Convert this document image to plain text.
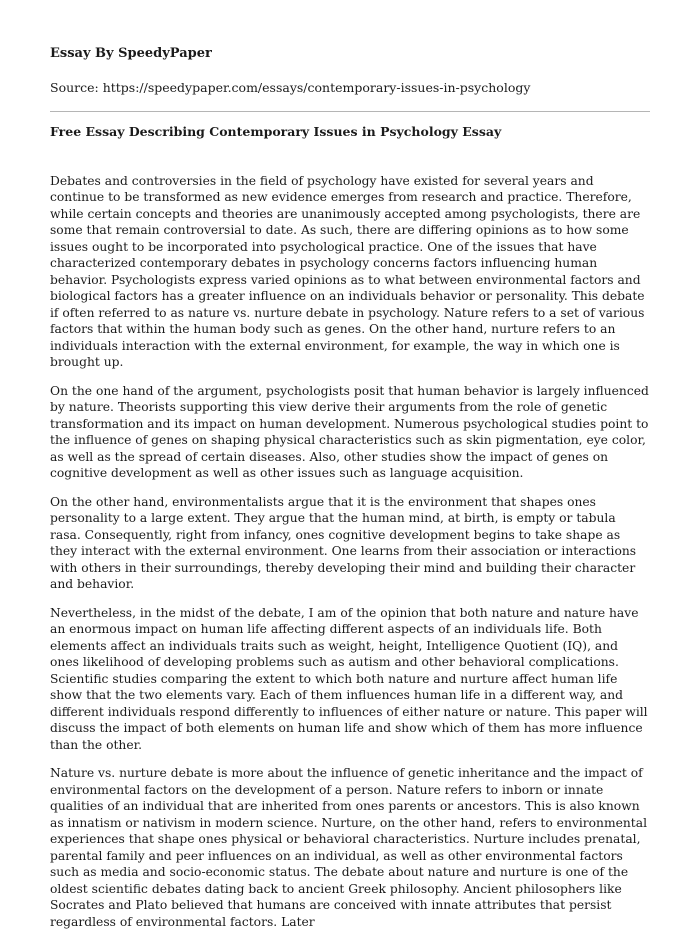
Essay By SpeedyPaper
Source: https://speedypaper.com/essays/contemporary-issues-in-psychology
Free Essay Describing Contemporary Issues in Psychology Essay

Debates and controversies in the field of psychology have existed for several years and continue to be transformed as new evidence emerges from research and practice. Therefore, while certain concepts and theories are unanimously accepted among psychologists, there are some that remain controversial to date. As such, there are differing opinions as to how some issues ought to be incorporated into psychological practice. One of the issues that have characterized contemporary debates in psychology concerns factors influencing human behavior. Psychologists express varied opinions as to what between environmental factors and biological factors has a greater influence on an individuals behavior or personality. This debate if often referred to as nature vs. nurture debate in psychology. Nature refers to a set of various factors that within the human body such as genes. On the other hand, nurture refers to an individuals interaction with the external environment, for example, the way in which one is brought up.

On the one hand of the argument, psychologists posit that human behavior is largely influenced by nature. Theorists supporting this view derive their arguments from the role of genetic transformation and its impact on human development. Numerous psychological studies point to the influence of genes on shaping physical characteristics such as skin pigmentation, eye color, as well as the spread of certain diseases. Also, other studies show the impact of genes on cognitive development as well as other issues such as language acquisition.

On the other hand, environmentalists argue that it is the environment that shapes ones personality to a large extent. They argue that the human mind, at birth, is empty or tabula rasa. Consequently, right from infancy, ones cognitive development begins to take shape as they interact with the external environment. One learns from their association or interactions with others in their surroundings, thereby developing their mind and building their character and behavior.

Nevertheless, in the midst of the debate, I am of the opinion that both nature and nature have an enormous impact on human life affecting different aspects of an individuals life. Both elements affect an individuals traits such as weight, height, Intelligence Quotient (IQ), and ones likelihood of developing problems such as autism and other behavioral complications. Scientific studies comparing the extent to which both nature and nurture affect human life show that the two elements vary. Each of them influences human life in a different way, and different individuals respond differently to influences of either nature or nature. This paper will discuss the impact of both elements on human life and show which of them has more influence than the other.

Nature vs. nurture debate is more about the influence of genetic inheritance and the impact of environmental factors on the development of a person. Nature refers to inborn or innate qualities of an individual that are inherited from ones parents or ancestors. This is also known as innatism or nativism in modern science. Nurture, on the other hand, refers to environmental experiences that shape ones physical or behavioral characteristics. Nurture includes prenatal, parental family and peer influences on an individual, as well as other environmental factors such as media and socio-economic status. The debate about nature and nurture is one of the oldest scientific debates dating back to ancient Greek philosophy. Ancient philosophers like Socrates and Plato believed that humans are conceived with innate attributes that persist regardless of environmental factors. Later
